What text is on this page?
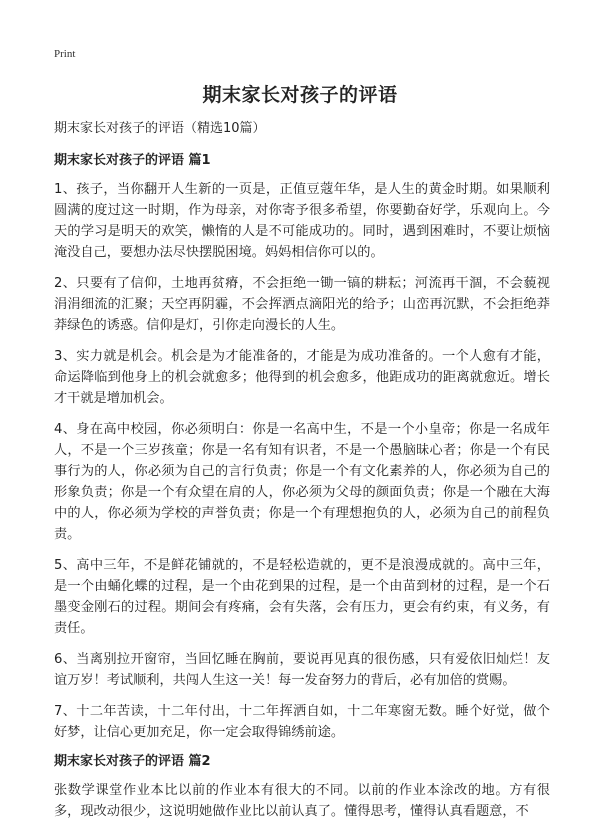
Print
期末家长对孩子的评语

期末家长对孩子的评语（精选10篇）

期末家长对孩子的评语 篇1

1、孩子，当你翻开人生新的一页是，正值豆蔻年华，是人生的黄金时期。如果顺利圆满的度过这一时期，作为母亲，对你寄予很多希望，你要勤奋好学，乐观向上。今天的学习是明天的欢笑，懒惰的人是不可能成功的。同时，遇到困难时，不要让烦恼淹没自己，要想办法尽快摆脱困境。妈妈相信你可以的。

2、只要有了信仰，土地再贫瘠，不会拒绝一锄一镐的耕耘；河流再干涸，不会藐视涓涓细流的汇聚；天空再阴霾，不会挥洒点滴阳光的给予；山峦再沉默，不会拒绝莽莽绿色的诱惑。信仰是灯，引你走向漫长的人生。

3、实力就是机会。机会是为才能准备的，才能是为成功准备的。一个人愈有才能，命运降临到他身上的机会就愈多；他得到的机会愈多，他距成功的距离就愈近。增长才干就是增加机会。

4、身在高中校园，你必须明白：你是一名高中生，不是一个小皇帝；你是一名成年人，不是一个三岁孩童；你是一名有知有识者，不是一个愚脑昧心者；你是一个有民事行为的人，你必须为自己的言行负责；你是一个有文化素养的人，你必须为自己的形象负责；你是一个有众望在肩的人，你必须为父母的颜面负责；你是一个融在大海中的人，你必须为学校的声誉负责；你是一个有理想抱负的人，必须为自己的前程负责。

5、高中三年，不是鲜花铺就的，不是轻松造就的，更不是浪漫成就的。高中三年，是一个由蛹化蝶的过程，是一个由花到果的过程，是一个由苗到材的过程，是一个石墨变金刚石的过程。期间会有疼痛，会有失落，会有压力，更会有约束，有义务，有责任。

6、当离别拉开窗帘，当回忆睡在胸前，要说再见真的很伤感，只有爱依旧灿烂！友谊万岁！考试顺利，共闯人生这一关！每一发奋努力的背后，必有加倍的赏赐。

7、十二年苦读，十二年付出，十二年挥洒自如，十二年寒窗无数。睡个好觉，做个好梦，让信心更加充足，你一定会取得锦绣前途。

期末家长对孩子的评语 篇2

张数学课堂作业本比以前的作业本有很大的不同。以前的作业本涂改的地。方有很多，现改动很少，这说明她做作业比以前认真了。懂得思考，懂得认真看题意，不
